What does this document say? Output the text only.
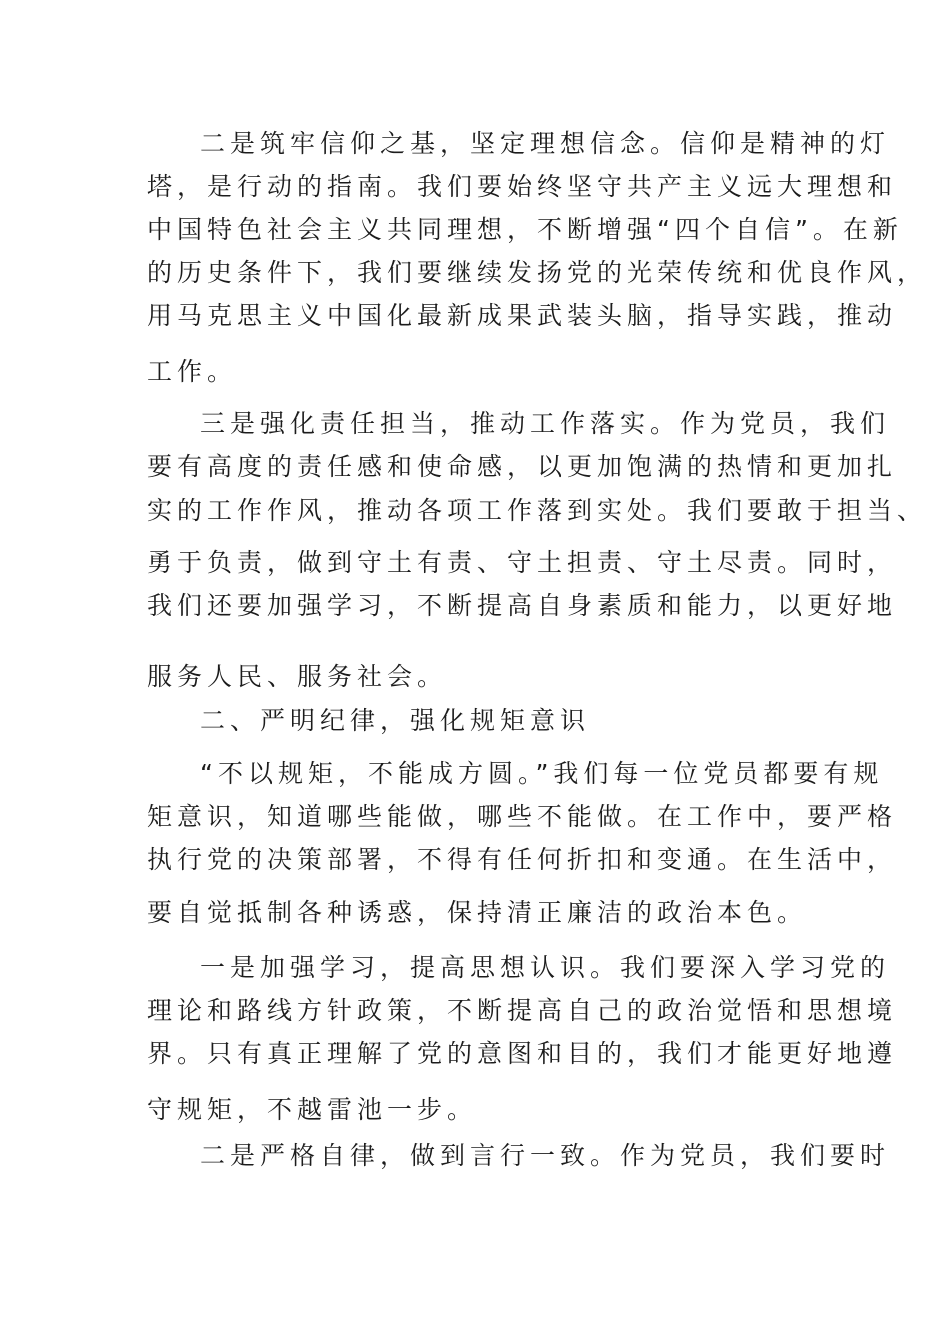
二是筑牢信仰之基，坚定理想信念。信仰是精神的灯
塔，是行动的指南。我们要始终坚守共产主义远大理想和
中国特色社会主义共同理想，不断增强“四个自信”。在新
的历史条件下，我们要继续发扬党的光荣传统和优良作风，
用马克思主义中国化最新成果武装头脑，指导实践，推动
工作。
三是强化责任担当，推动工作落实。作为党员，我们
要有高度的责任感和使命感，以更加饱满的热情和更加扎
实的工作作风，推动各项工作落到实处。我们要敢于担当、
勇于负责，做到守土有责、守土担责、守土尽责。同时，
我们还要加强学习，不断提高自身素质和能力，以更好地
服务人民、服务社会。
二、严明纪律，强化规矩意识
“不以规矩，不能成方圆。”我们每一位党员都要有规
矩意识，知道哪些能做，哪些不能做。在工作中，要严格
执行党的决策部署，不得有任何折扣和变通。在生活中，
要自觉抵制各种诱惑，保持清正廉洁的政治本色。
一是加强学习，提高思想认识。我们要深入学习党的
理论和路线方针政策，不断提高自己的政治觉悟和思想境
界。只有真正理解了党的意图和目的，我们才能更好地遵
守规矩，不越雷池一步。
二是严格自律，做到言行一致。作为党员，我们要时
